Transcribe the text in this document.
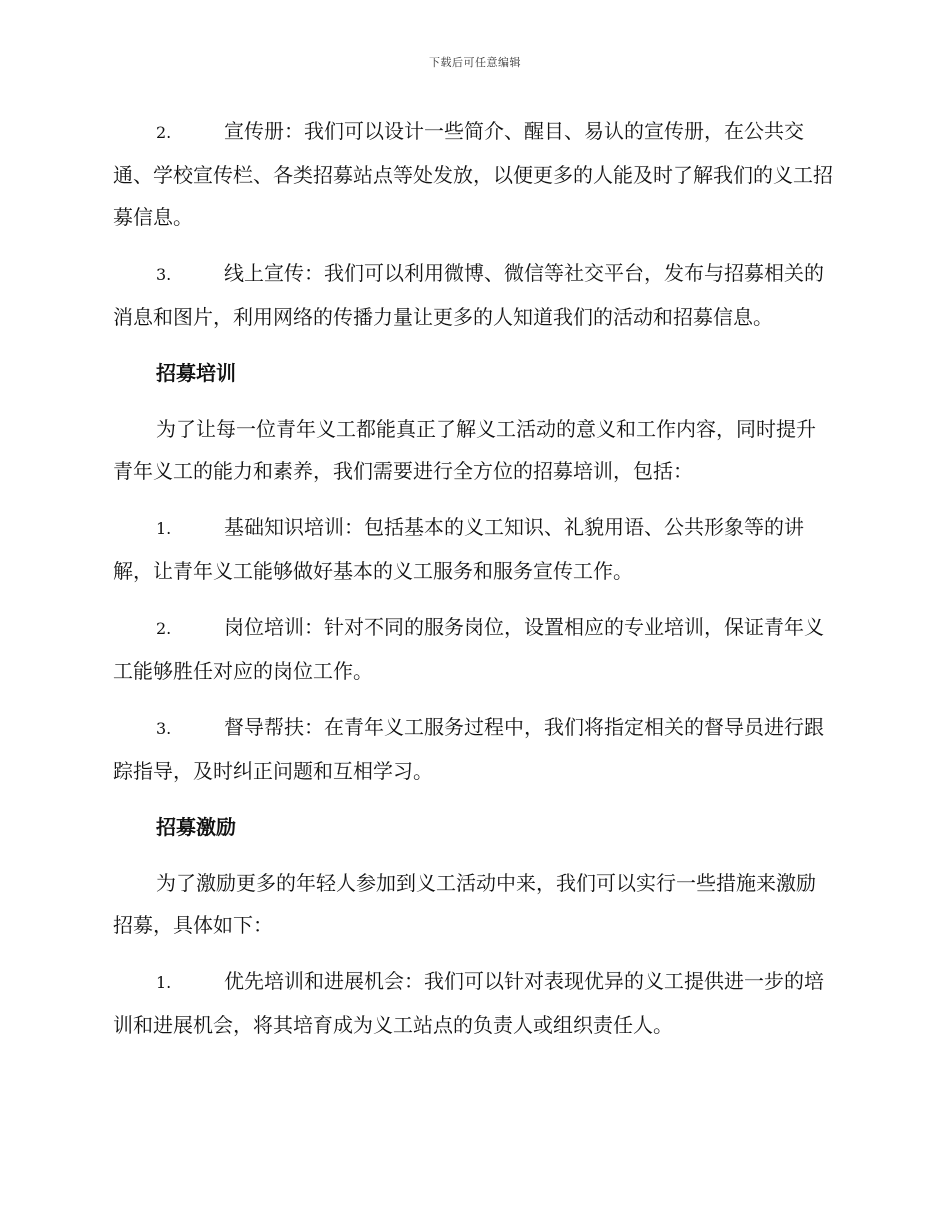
下载后可任意编辑

2.	宣传册：我们可以设计一些简介、醒目、易认的宣传册，在公共交通、学校宣传栏、各类招募站点等处发放，以便更多的人能及时了解我们的义工招募信息。

3.	线上宣传：我们可以利用微博、微信等社交平台，发布与招募相关的消息和图片，利用网络的传播力量让更多的人知道我们的活动和招募信息。

招募培训

为了让每一位青年义工都能真正了解义工活动的意义和工作内容，同时提升青年义工的能力和素养，我们需要进行全方位的招募培训，包括：

1.	基础知识培训：包括基本的义工知识、礼貌用语、公共形象等的讲解，让青年义工能够做好基本的义工服务和服务宣传工作。

2.	岗位培训：针对不同的服务岗位，设置相应的专业培训，保证青年义工能够胜任对应的岗位工作。

3.	督导帮扶：在青年义工服务过程中，我们将指定相关的督导员进行跟踪指导，及时纠正问题和互相学习。

招募激励

为了激励更多的年轻人参加到义工活动中来，我们可以实行一些措施来激励招募，具体如下：

1.	优先培训和进展机会：我们可以针对表现优异的义工提供进一步的培训和进展机会，将其培育成为义工站点的负责人或组织责任人。
